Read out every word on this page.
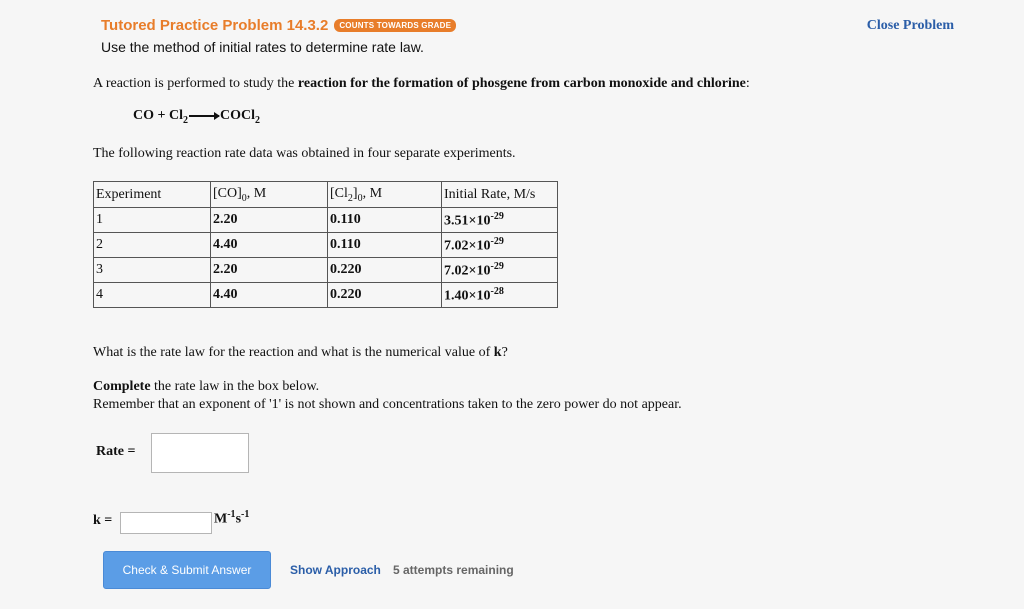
Tutored Practice Problem 14.3.2 COUNTS TOWARDS GRADE
Use the method of initial rates to determine rate law.
Close Problem
A reaction is performed to study the reaction for the formation of phosgene from carbon monoxide and chlorine:
CO + $Cl_2\to COCl_2$
The following reaction rate data was obtained in four separate experiments.
Experiment	$[CO]_0$, M	$[Cl_2]_0$, M	Initial Rate, M/s
1	2.20	0.110	$3.51\times 10^{-29}$
2	4.40	0.110	$7.02\times 10^{-29}$
3	2.20	0.220	$7.02\times 10^{-29}$
4	4.40	0.220	$1.40\times 10^{-28}$
What is the rate law for the reaction and what is the numerical value of k?
Complete the rate law in the box below.
Remember that an exponent of '1' is not shown and concentrations taken to the zero power do not appear.
Rate =
k =	$M^{-1}s^{-1}$
Check & Submit Answer	Show Approach 5 attempts remaining
